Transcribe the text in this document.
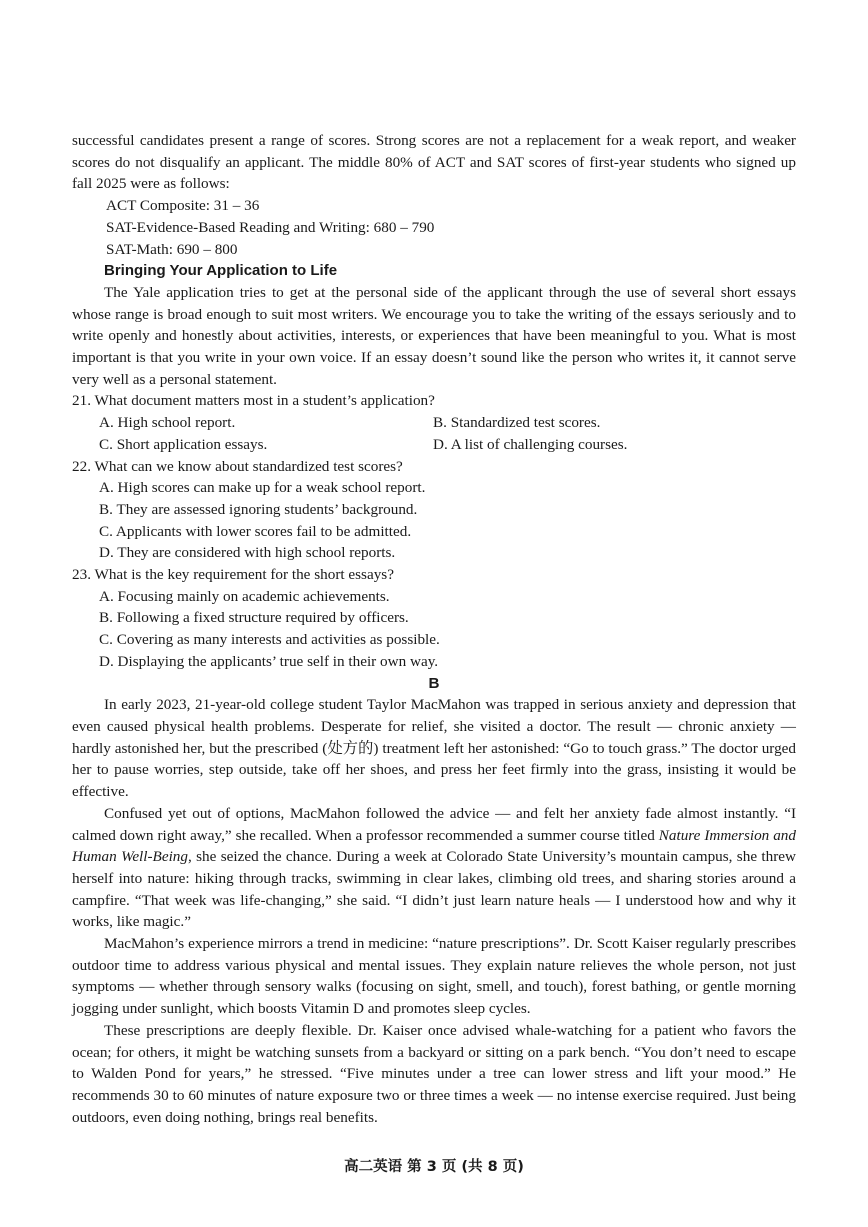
successful candidates present a range of scores. Strong scores are not a replacement for a weak report, and weaker scores do not disqualify an applicant. The middle 80% of ACT and SAT scores of first-year students who signed up fall 2025 were as follows:

ACT Composite: 31 – 36

SAT-Evidence-Based Reading and Writing: 680 – 790

SAT-Math: 690 – 800

Bringing Your Application to Life

The Yale application tries to get at the personal side of the applicant through the use of several short essays whose range is broad enough to suit most writers. We encourage you to take the writing of the essays seriously and to write openly and honestly about activities, interests, or experiences that have been meaningful to you. What is most important is that you write in your own voice. If an essay doesn’t sound like the person who writes it, it cannot serve very well as a personal statement.

21. What document matters most in a student’s application?

A. High school report.	B. Standardized test scores.

C. Short application essays.	D. A list of challenging courses.

22. What can we know about standardized test scores?

A. High scores can make up for a weak school report.

B. They are assessed ignoring students’ background.

C. Applicants with lower scores fail to be admitted.

D. They are considered with high school reports.

23. What is the key requirement for the short essays?

A. Focusing mainly on academic achievements.

B. Following a fixed structure required by officers.

C. Covering as many interests and activities as possible.

D. Displaying the applicants’ true self in their own way.

B

In early 2023, 21-year-old college student Taylor MacMahon was trapped in serious anxiety and depression that even caused physical health problems. Desperate for relief, she visited a doctor. The result — chronic anxiety — hardly astonished her, but the prescribed (处方的) treatment left her astonished: “Go to touch grass.” The doctor urged her to pause worries, step outside, take off her shoes, and press her feet firmly into the grass, insisting it would be effective.

Confused yet out of options, MacMahon followed the advice — and felt her anxiety fade almost instantly. “I calmed down right away,” she recalled. When a professor recommended a summer course titled Nature Immersion and Human Well-Being, she seized the chance. During a week at Colorado State University’s mountain campus, she threw herself into nature: hiking through tracks, swimming in clear lakes, climbing old trees, and sharing stories around a campfire. “That week was life-changing,” she said. “I didn’t just learn nature heals — I understood how and why it works, like magic.”

MacMahon’s experience mirrors a trend in medicine: “nature prescriptions”. Dr. Scott Kaiser regularly prescribes outdoor time to address various physical and mental issues. They explain nature relieves the whole person, not just symptoms — whether through sensory walks (focusing on sight, smell, and touch), forest bathing, or gentle morning jogging under sunlight, which boosts Vitamin D and promotes sleep cycles.

These prescriptions are deeply flexible. Dr. Kaiser once advised whale-watching for a patient who favors the ocean; for others, it might be watching sunsets from a backyard or sitting on a park bench. “You don’t need to escape to Walden Pond for years,” he stressed. “Five minutes under a tree can lower stress and lift your mood.” He recommends 30 to 60 minutes of nature exposure two or three times a week — no intense exercise required. Just being outdoors, even doing nothing, brings real benefits.

高二英语 第 3 页 (共 8 页)
